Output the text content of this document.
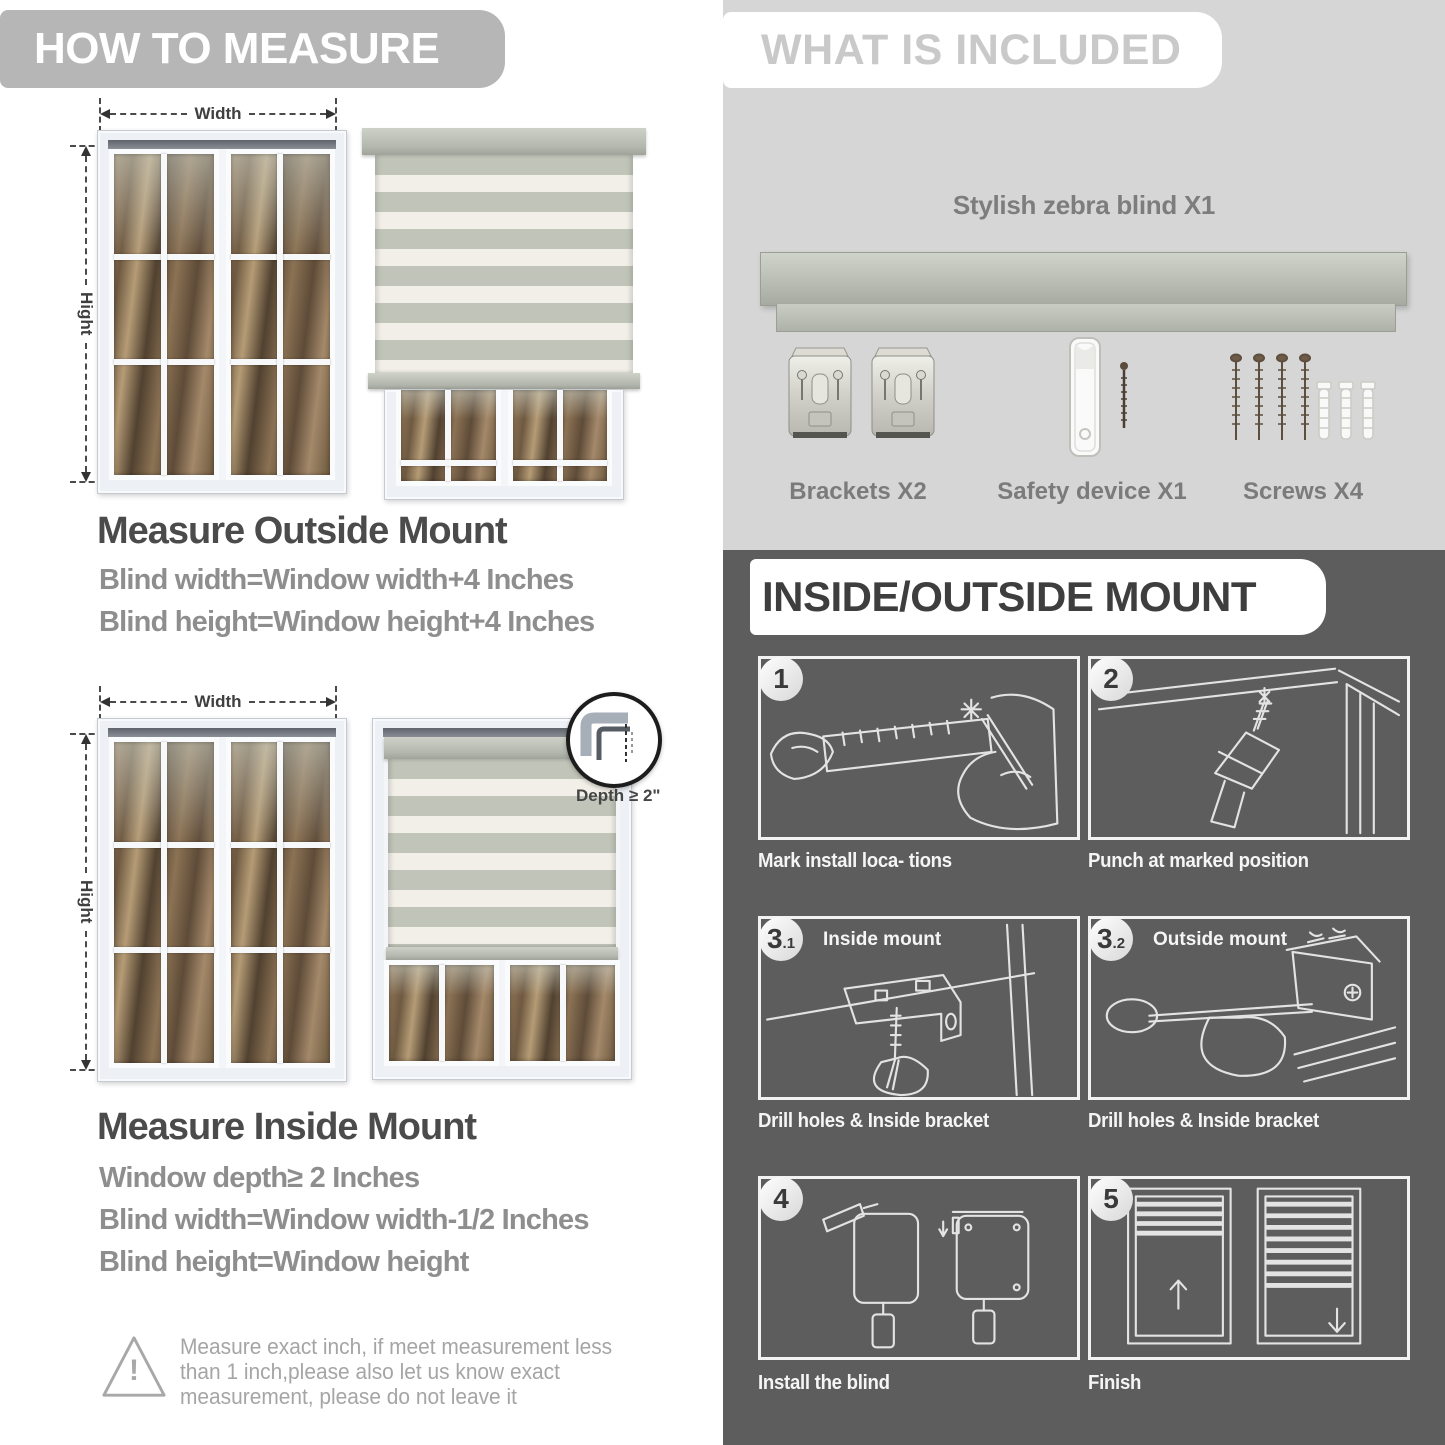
HOW TO MEASURE
Width
Hight
Measure Outside Mount
Blind width=Window width+4 Inches
Blind height=Window height+4 Inches
Width
Hight
Depth ≥ 2"
Measure Inside Mount
Window depth≥ 2 Inches
Blind width=Window width-1/2 Inches
Blind height=Window height
!
Measure exact inch, if meet measurement less
than 1 inch,please also let us know exact
measurement, please do not leave it
WHAT IS INCLUDED
Stylish zebra blind X1
Brackets X2	Safety device X1	Screws X4
INSIDE/OUTSIDE MOUNT
1	2
Mark install loca- tions	Punch at marked position
3 .1 Inside mount	3 .2 Outside mount
Drill holes & Inside bracket	Drill holes & Inside bracket
4	5
Install the blind	Finish
